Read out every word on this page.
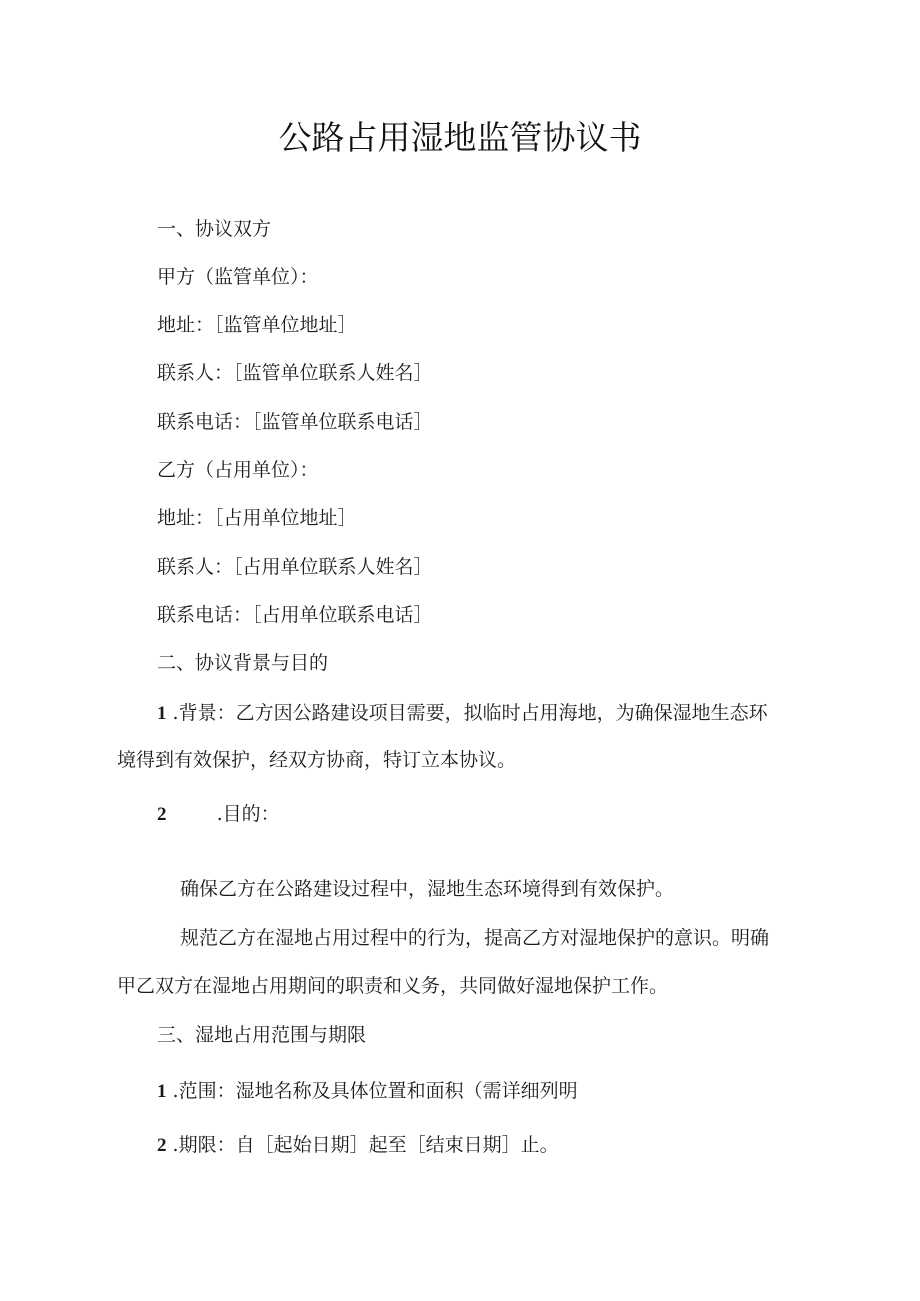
公路占用湿地监管协议书
一、协议双方
甲方（监管单位）：
地址：［监管单位地址］
联系人：［监管单位联系人姓名］
联系电话：［监管单位联系电话］
乙方（占用单位）：
地址：［占用单位地址］
联系人：［占用单位联系人姓名］
联系电话：［占用单位联系电话］
二、协议背景与目的
1 .背景：乙方因公路建设项目需要，拟临时占用海地，为确保湿地生态环
境得到有效保护，经双方协商，特订立本协议。
2	.目的：
确保乙方在公路建设过程中，湿地生态环境得到有效保护。
规范乙方在湿地占用过程中的行为，提高乙方对湿地保护的意识。明确
甲乙双方在湿地占用期间的职责和义务，共同做好湿地保护工作。
三、湿地占用范围与期限
1 .范围：湿地名称及具体位置和面积（需详细列明
2 .期限：自［起始日期］起至［结束日期］止。
